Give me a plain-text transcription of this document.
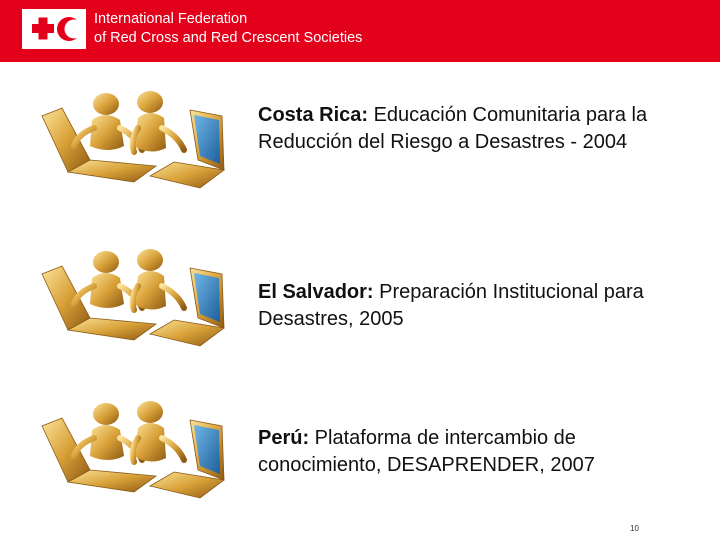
International Federation
of Red Cross and Red Crescent Societies
Costa Rica: Educación Comunitaria para la Reducción del Riesgo a Desastres - 2004
El Salvador: Preparación Institucional para Desastres, 2005
Perú: Plataforma de intercambio de conocimiento, DESAPRENDER, 2007
10
